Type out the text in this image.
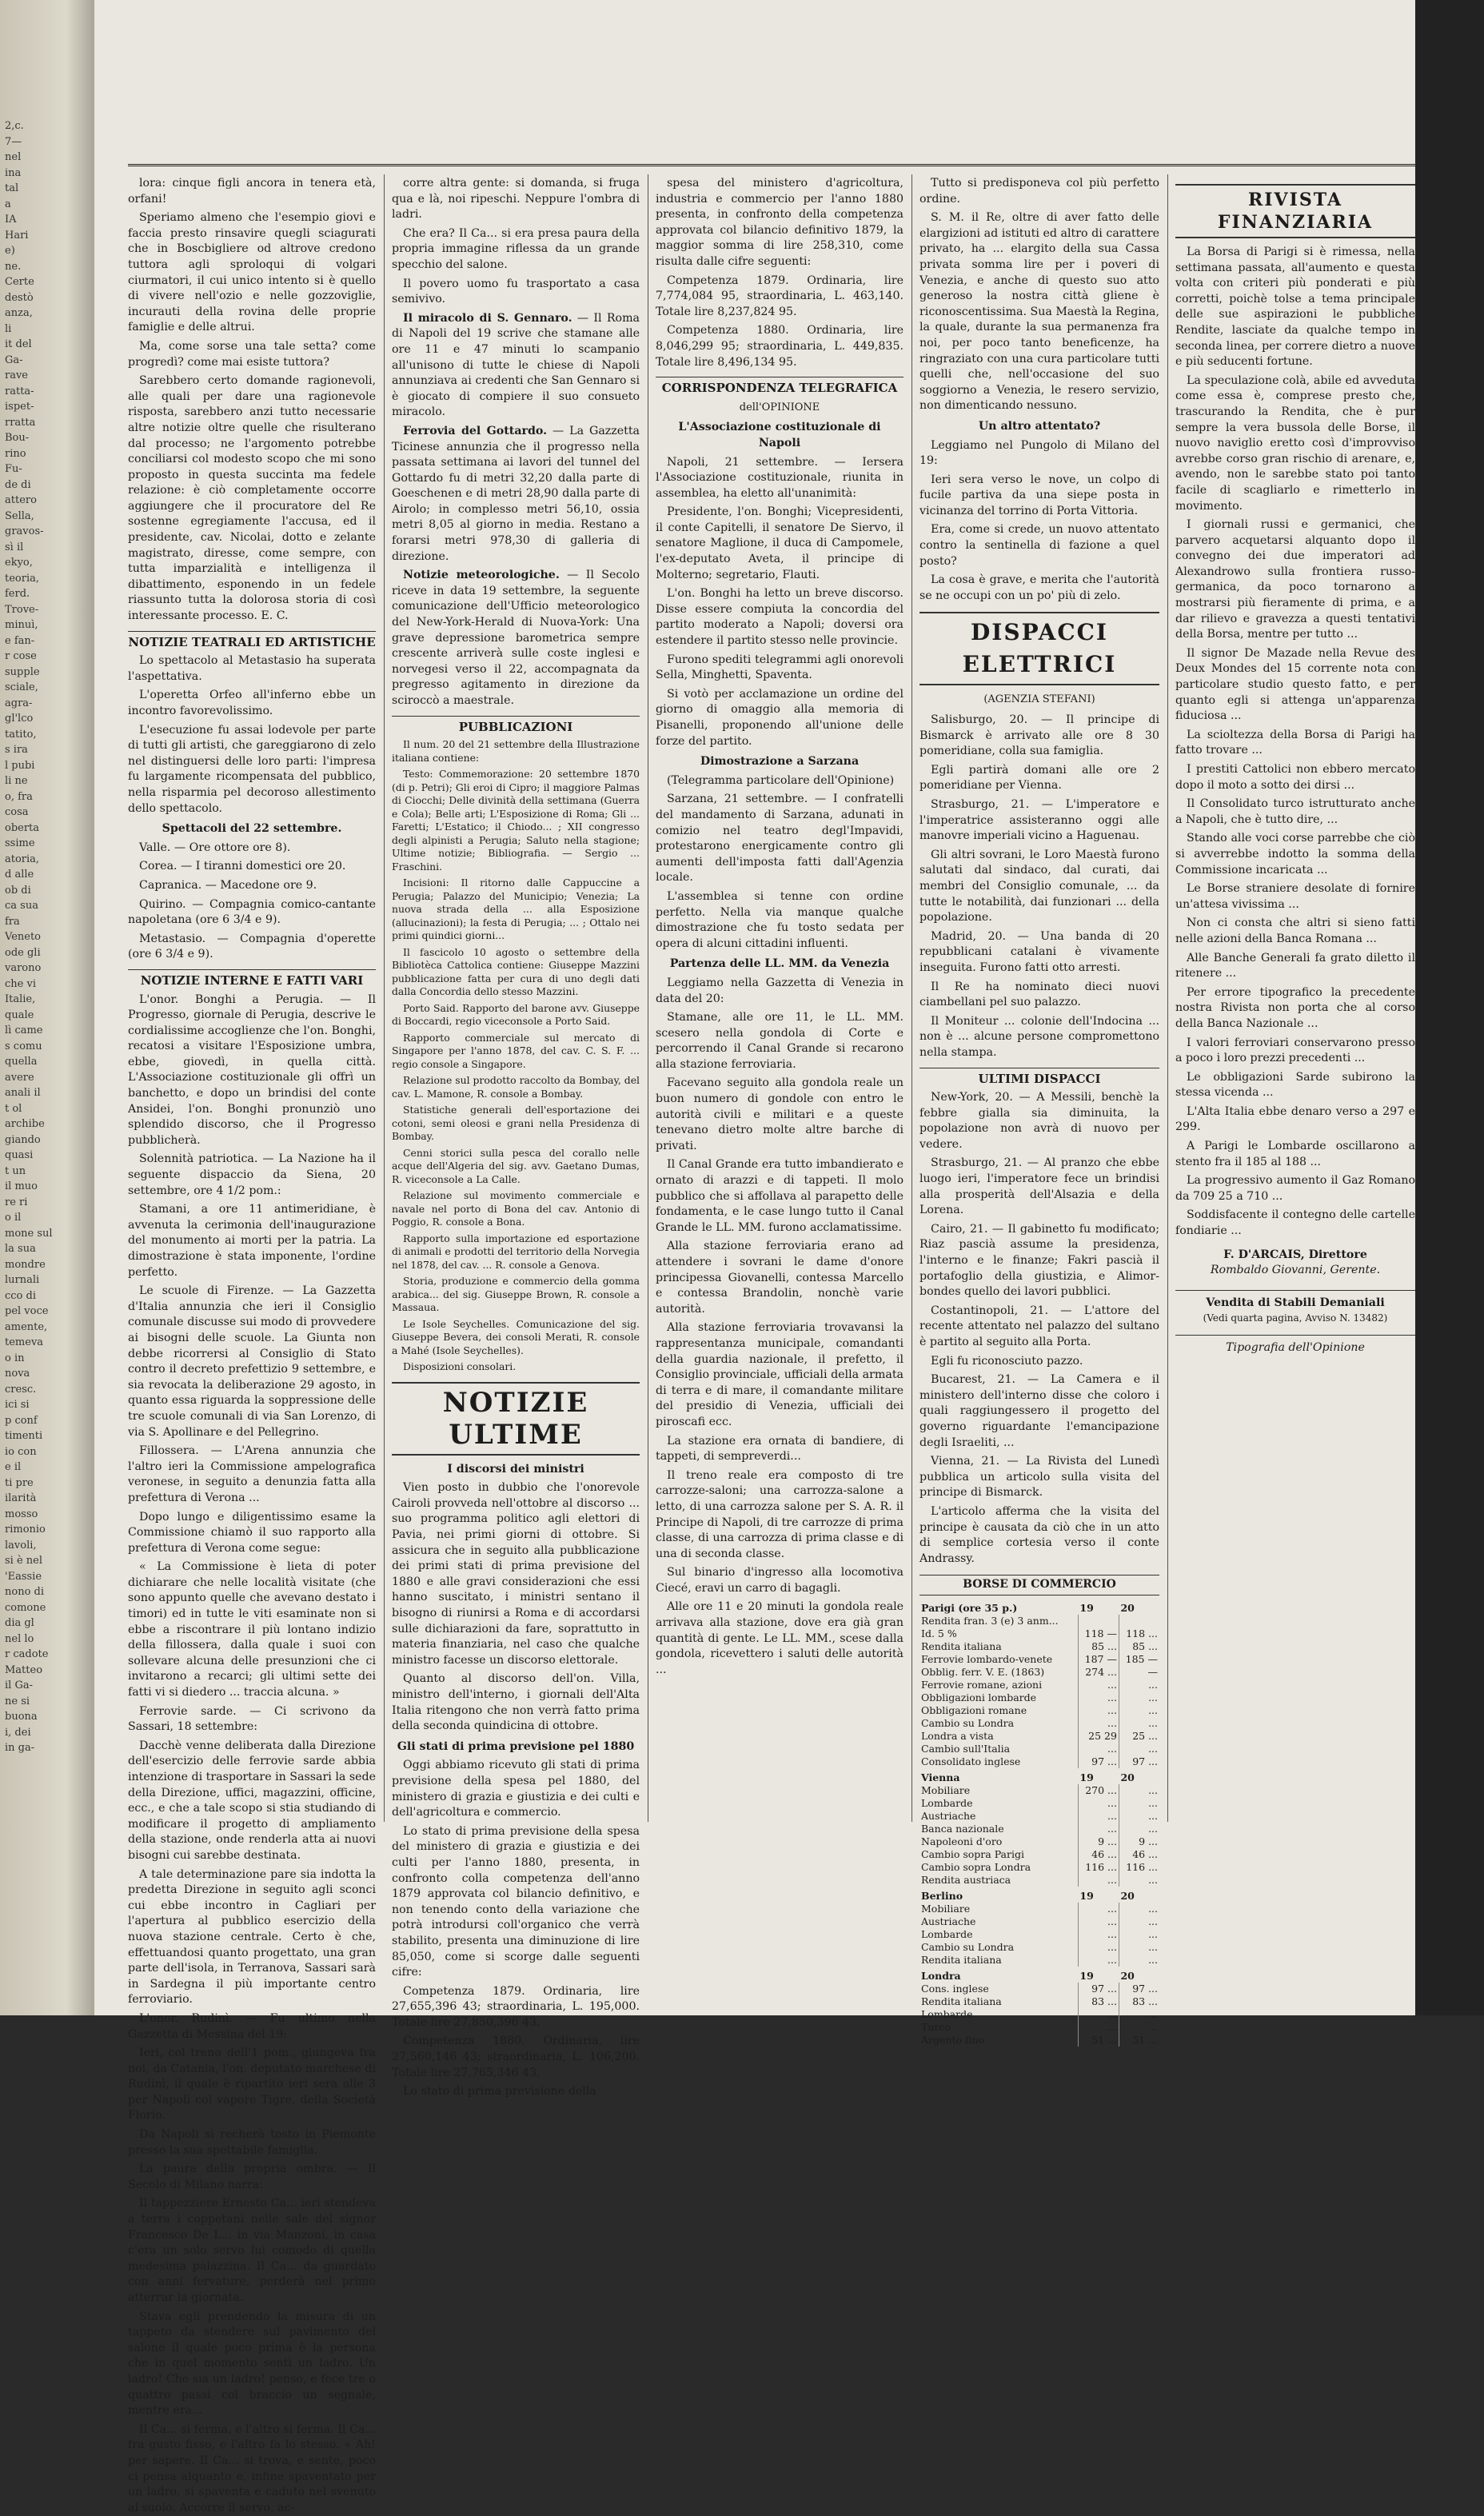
2,c.
7—
nel
ina
tal
a
IA
Hari
e)
ne.
Certe
destò
anza,
li
it del
Ga-
rave
ratta-
ispet-
rratta
Bou-
rino
Fu-
de di
attero
Sella,
gravos-
sì il
ekyo,
teoria,
ferd.
Trove-
minuì,
e fan-
r cose
supple
sciale,
agra-
gl'lco
tatito,
s ira
l pubi
li ne
o, fra
cosa
oberta
ssime
atoria,
d alle
ob di
ca sua
fra
Veneto
ode gli
varono
che vi
Italie,
quale
lì came
s comu
quella
avere
anali il
t ol
archibe
giando
quasi
t un
il muo
re ri
o il
mone sul
la sua
mondre
lurnali
cco di
pel voce
amente,
temeva
o in
nova
cresc.
ici si
p conf
timenti
io con
e il
ti pre
ilarità
mosso
rimonio
lavoli,
si è nel
'Eassie
nono di
comone
dia gl
nel lo
r cadote
Matteo
il Ga-
ne si
buona
i, dei
in ga-

lora: cinque figli ancora in tenera età, orfani!

Speriamo almeno che l'esempio giovi e faccia presto rinsavire quegli sciagurati che in Boscbigliere od altrove credono tuttora agli sproloqui di volgari ciurmatori, il cui unico intento si è quello di vivere nell'ozio e nelle gozzoviglie, incurauti della rovina delle proprie famiglie e delle altrui.

Ma, come sorse una tale setta? come progredì? come mai esiste tuttora?

Sarebbero certo domande ragionevoli, alle quali per dare una ragionevole risposta, sarebbero anzi tutto necessarie altre notizie oltre quelle che risulterano dal processo; ne l'argomento potrebbe conciliarsi col modesto scopo che mi sono proposto in questa succinta ma fedele relazione: è ciò completamente occorre aggiungere che il procuratore del Re sostenne egregiamente l'accusa, ed il presidente, cav. Nicolai, dotto e zelante magistrato, diresse, come sempre, con tutta imparzialità e intelligenza il dibattimento, esponendo in un fedele riassunto tutta la dolorosa storia di così interessante processo. E. C.

NOTIZIE TEATRALI ED ARTISTICHE

Lo spettacolo al Metastasio ha superata l'aspettativa.

L'operetta Orfeo all'inferno ebbe un incontro favorevolissimo.

L'esecuzione fu assai lodevole per parte di tutti gli artisti, che gareggiarono di zelo nel distinguersi delle loro parti: l'impresa fu largamente ricompensata del pubblico, nella risparmia pel decoroso allestimento dello spettacolo.

Spettacoli del 22 settembre.

Valle. — Ore ottore ore 8).

Corea. — I tiranni domestici ore 20.

Capranica. — Macedone ore 9.

Quirino. — Compagnia comico-cantante napoletana (ore 6 3/4 e 9).

Metastasio. — Compagnia d'operette (ore 6 3/4 e 9).

NOTIZIE INTERNE E FATTI VARI

L'onor. Bonghi a Perugia. — Il Progresso, giornale di Perugia, descrive le cordialissime accoglienze che l'on. Bonghi, recatosi a visitare l'Esposizione umbra, ebbe, giovedì, in quella città. L'Associazione costituzionale gli offrì un banchetto, e dopo un brindisi del conte Ansidei, l'on. Bonghi pronunziò uno splendido discorso, che il Progresso pubblicherà.

Solennità patriotica. — La Nazione ha il seguente dispaccio da Siena, 20 settembre, ore 4 1/2 pom.:

Stamani, a ore 11 antimeridiane, è avvenuta la cerimonia dell'inaugurazione del monumento ai morti per la patria. La dimostrazione è stata imponente, l'ordine perfetto.

Le scuole di Firenze. — La Gazzetta d'Italia annunzia che ieri il Consiglio comunale discusse sui modo di provvedere ai bisogni delle scuole. La Giunta non debbe ricorrersi al Consiglio di Stato contro il decreto prefettizio 9 settembre, e sia revocata la deliberazione 29 agosto, in quanto essa riguarda la soppressione delle tre scuole comunali di via San Lorenzo, di via S. Apollinare e del Pellegrino.

Fillossera. — L'Arena annunzia che l'altro ieri la Commissione ampelografica veronese, in seguito a denunzia fatta alla prefettura di Verona ...

Dopo lungo e diligentissimo esame la Commissione chiamò il suo rapporto alla prefettura di Verona come segue:

« La Commissione è lieta di poter dichiarare che nelle località visitate (che sono appunto quelle che avevano destato i timori) ed in tutte le viti esaminate non si ebbe a riscontrare il più lontano indizio della fillossera, dalla quale i suoi con sollevare alcuna delle presunzioni che ci invitarono a recarci; gli ultimi sette dei fatti vi si diedero ... traccia alcuna. »

Ferrovie sarde. — Ci scrivono da Sassari, 18 settembre:

Dacchè venne deliberata dalla Direzione dell'esercizio delle ferrovie sarde abbia intenzione di trasportare in Sassari la sede della Direzione, uffici, magazzini, officine, ecc., e che a tale scopo si stia studiando di modificare il progetto di ampliamento della stazione, onde renderla atta ai nuovi bisogni cui sarebbe destinata.

A tale determinazione pare sia indotta la predetta Direzione in seguito agli sconci cui ebbe incontro in Cagliari per l'apertura al pubblico esercizio della nuova stazione centrale. Certo è che, effettuandosi quanto progettato, una gran parte dell'isola, in Terranova, Sassari sarà in Sardegna il più importante centro ferroviario.

L'onor. Rudinì. — Fu ultimo nella Gazzetta di Messina del 19:

Ieri, col treno dell'1 pom., giungeva fra noi, da Catania, l'on. deputato marchese di Rudinì, il quale è ripartito ieri sera alle 3 per Napoli col vapore Tigre, della Società Florio.

Da Napoli si recherà tosto in Piemonte presso la sua spettabile famiglia.

La paura della propria ombra. — Il Secolo di Milano narra:

Il tappezziere Ernesto Ca... ieri stendeva a terra i coppetani nelle sale del signor Francesco De L... in via Manzoni, in casa c'era un solo servo lui comodo di quella medesima palazzina. Il Ca... da guardato con anni fervature, perderà nel primo atterrar la giornata.

Stava egli prendendo la misura di un tappeto da stendere sul pavimento del salone il quale poco prima è la persona che in quel momento sentì un ladro. Un ladro! Che sia un ladro! penso, e fece tre o quattro passi col braccio un segnale, mentre era...

Il Ca... si ferma, e l'altro si ferma. Il Ca... fra gusto fisso, e l'altro fa lo stesso. « Ah! per sapere. Il Ca... si trova, e sente, poco ci pensa alquanto e, infine spaventato per un ladro, si spaventa e caduto nel svenuto al suolo. Accorre il servo, ac-

corre altra gente: si domanda, si fruga qua e là, noi ripeschi. Neppure l'ombra di ladri.

Che era? Il Ca... si era presa paura della propria immagine riflessa da un grande specchio del salone.

Il povero uomo fu trasportato a casa semivivo.

Il miracolo di S. Gennaro. — Il Roma di Napoli del 19 scrive che stamane alle ore 11 e 47 minuti lo scampanio all'unisono di tutte le chiese di Napoli annunziava ai credenti che San Gennaro si è giocato di compiere il suo consueto miracolo.

Ferrovia del Gottardo. — La Gazzetta Ticinese annunzia che il progresso nella passata settimana ai lavori del tunnel del Gottardo fu di metri 32,20 dalla parte di Goeschenen e di metri 28,90 dalla parte di Airolo; in complesso metri 56,10, ossia metri 8,05 al giorno in media. Restano a forarsi metri 978,30 di galleria di direzione.

Notizie meteorologiche. — Il Secolo riceve in data 19 settembre, la seguente comunicazione dell'Ufficio meteorologico del New-York-Herald di Nuova-York: Una grave depressione barometrica sempre crescente arriverà sulle coste inglesi e norvegesi verso il 22, accompagnata da pregresso agitamento in direzione da sciroccò a maestrale.

PUBBLICAZIONI

Il num. 20 del 21 settembre della Illustrazione italiana contiene:

Testo: Commemorazione: 20 settembre 1870 (di p. Petri); Gli eroi di Cipro; il maggiore Palmas di Ciocchi; Delle divinità della settimana (Guerra e Cola); Belle arti; L'Esposizione di Roma; Gli ... Faretti; L'Estatico; il Chiodo... ; XII congresso degli alpinisti a Perugia; Saluto nella stagione; Ultime notizie; Bibliografia. — Sergio ... Fraschini.

Incisioni: Il ritorno dalle Cappuccine a Perugia; Palazzo del Municipio; Venezia; La nuova strada della ... alla Esposizione (allucinazioni); la festa di Perugia; ... ; Ottalo nei primi quindici giorni...

Il fascicolo 10 agosto o settembre della Bibliotèca Cattolica contiene: Giuseppe Mazzini pubblicazione fatta per cura di uno degli dati dalla Concordia dello stesso Mazzini.

Porto Said. Rapporto del barone avv. Giuseppe di Boccardi, regio viceconsole a Porto Said.

Rapporto commerciale sul mercato di Singapore per l'anno 1878, del cav. C. S. F. ... regio console a Singapore.

Relazione sul prodotto raccolto da Bombay, del cav. L. Mamone, R. console a Bombay.

Statistiche generali dell'esportazione dei cotoni, semi oleosi e grani nella Presidenza di Bombay.

Cenni storici sulla pesca del corallo nelle acque dell'Algeria del sig. avv. Gaetano Dumas, R. viceconsole a La Calle.

Relazione sul movimento commerciale e navale nel porto di Bona del cav. Antonio di Poggio, R. console a Bona.

Rapporto sulla importazione ed esportazione di animali e prodotti del territorio della Norvegia nel 1878, del cav. ... R. console a Genova.

Storia, produzione e commercio della gomma arabica... del sig. Giuseppe Brown, R. console a Massaua.

Le Isole Seychelles. Comunicazione del sig. Giuseppe Bevera, dei consoli Merati, R. console a Mahé (Isole Seychelles).

Disposizioni consolari.

NOTIZIE ULTIME
I discorsi dei ministri

Vien posto in dubbio che l'onorevole Cairoli provveda nell'ottobre al discorso ... suo programma politico agli elettori di Pavia, nei primi giorni di ottobre. Si assicura che in seguito alla pubblicazione dei primi stati di prima previsione del 1880 e alle gravi considerazioni che essi hanno suscitato, i ministri sentano il bisogno di riunirsi a Roma e di accordarsi sulle dichiarazioni da fare, soprattutto in materia finanziaria, nel caso che qualche ministro facesse un discorso elettorale.

Quanto al discorso dell'on. Villa, ministro dell'interno, i giornali dell'Alta Italia ritengono che non verrà fatto prima della seconda quindicina di ottobre.

Gli stati di prima previsione pel 1880

Oggi abbiamo ricevuto gli stati di prima previsione della spesa pel 1880, del ministero di grazia e giustizia e dei culti e dell'agricoltura e commercio.

Lo stato di prima previsione della spesa del ministero di grazia e giustizia e dei culti per l'anno 1880, presenta, in confronto colla competenza dell'anno 1879 approvata col bilancio definitivo, e non tenendo conto della variazione che potrà introdursi coll'organico che verrà stabilito, presenta una diminuzione di lire 85,050, come si scorge dalle seguenti cifre:

Competenza 1879. Ordinaria, lire 27,655,396 43; straordinaria, L. 195,000. Totale lire 27,850,396 43.

Competenza 1880. Ordinaria, lire 27,560,146 43; straordinaria, L. 106,200. Totale lire 27,765,346 43.

Lo stato di prima previsione della

spesa del ministero d'agricoltura, industria e commercio per l'anno 1880 presenta, in confronto della competenza approvata col bilancio definitivo 1879, la maggior somma di lire 258,310, come risulta dalle cifre seguenti:

Competenza 1879. Ordinaria, lire 7,774,084 95, straordinaria, L. 463,140. Totale lire 8,237,824 95.

Competenza 1880. Ordinaria, lire 8,046,299 95; straordinaria, L. 449,835. Totale lire 8,496,134 95.

CORRISPONDENZA TELEGRAFICA
dell'OPINIONE
L'Associazione costituzionale di Napoli

Napoli, 21 settembre. — Iersera l'Associazione costituzionale, riunita in assemblea, ha eletto all'unanimità:

Presidente, l'on. Bonghi; Vicepresidenti, il conte Capitelli, il senatore De Siervo, il senatore Maglione, il duca di Campomele, l'ex-deputato Aveta, il principe di Molterno; segretario, Flauti.

L'on. Bonghi ha letto un breve discorso. Disse essere compiuta la concordia del partito moderato a Napoli; doversi ora estendere il partito stesso nelle provincie.

Furono spediti telegrammi agli onorevoli Sella, Minghetti, Spaventa.

Si votò per acclamazione un ordine del giorno di omaggio alla memoria di Pisanelli, proponendo all'unione delle forze del partito.

Dimostrazione a Sarzana

(Telegramma particolare dell'Opinione)

Sarzana, 21 settembre. — I confratelli del mandamento di Sarzana, adunati in comizio nel teatro degl'Impavidi, protestarono energicamente contro gli aumenti dell'imposta fatti dall'Agenzia locale.

L'assemblea si tenne con ordine perfetto. Nella via manque qualche dimostrazione che fu tosto sedata per opera di alcuni cittadini influenti.

Partenza delle LL. MM. da Venezia

Leggiamo nella Gazzetta di Venezia in data del 20:

Stamane, alle ore 11, le LL. MM. scesero nella gondola di Corte e percorrendo il Canal Grande si recarono alla stazione ferroviaria.

Facevano seguito alla gondola reale un buon numero di gondole con entro le autorità civili e militari e a queste tenevano dietro molte altre barche di privati.

Il Canal Grande era tutto imbandierato e ornato di arazzi e di tappeti. Il molo pubblico che si affollava al parapetto delle fondamenta, e le case lungo tutto il Canal Grande le LL. MM. furono acclamatissime.

Alla stazione ferroviaria erano ad attendere i sovrani le dame d'onore principessa Giovanelli, contessa Marcello e contessa Brandolin, nonchè varie autorità.

Alla stazione ferroviaria trovavansi la rappresentanza municipale, comandanti della guardia nazionale, il prefetto, il Consiglio provinciale, ufficiali della armata di terra e di mare, il comandante militare del presidio di Venezia, ufficiali dei piroscafi ecc.

La stazione era ornata di bandiere, di tappeti, di sempreverdi...

Il treno reale era composto di tre carrozze-saloni; una carrozza-salone a letto, di una carrozza salone per S. A. R. il Principe di Napoli, di tre carrozze di prima classe, di una carrozza di prima classe e di una di seconda classe.

Sul binario d'ingresso alla locomotiva Ciecé, eravi un carro di bagagli.

Alle ore 11 e 20 minuti la gondola reale arrivava alla stazione, dove era già gran quantità di gente. Le LL. MM., scese dalla gondola, ricevettero i saluti delle autorità ...

Tutto si predisponeva col più perfetto ordine.

S. M. il Re, oltre di aver fatto delle elargizioni ad istituti ed altro di carattere privato, ha ... elargito della sua Cassa privata somma lire per i poveri di Venezia, e anche di questo suo atto generoso la nostra città gliene è riconoscentissima. Sua Maestà la Regina, la quale, durante la sua permanenza fra noi, per poco tanto beneficenze, ha ringraziato con una cura particolare tutti quelli che, nell'occasione del suo soggiorno a Venezia, le resero servizio, non dimenticando nessuno.

Un altro attentato?

Leggiamo nel Pungolo di Milano del 19:

Ieri sera verso le nove, un colpo di fucile partiva da una siepe posta in vicinanza del torrino di Porta Vittoria.

Era, come si crede, un nuovo attentato contro la sentinella di fazione a quel posto?

La cosa è grave, e merita che l'autorità se ne occupi con un po' più di zelo.

DISPACCI ELETTRICI
(AGENZIA STEFANI)

Salisburgo, 20. — Il principe di Bismarck è arrivato alle ore 8 30 pomeridiane, colla sua famiglia.

Egli partirà domani alle ore 2 pomeridiane per Vienna.

Strasburgo, 21. — L'imperatore e l'imperatrice assisteranno oggi alle manovre imperiali vicino a Haguenau.

Gli altri sovrani, le Loro Maestà furono salutati dal sindaco, dal curati, dai membri del Consiglio comunale, ... da tutte le notabilità, dai funzionari ... della popolazione.

Madrid, 20. — Una banda di 20 repubblicani catalani è vivamente inseguita. Furono fatti otto arresti.

Il Re ha nominato dieci nuovi ciambellani pel suo palazzo.

Il Moniteur ... colonie dell'Indocina ... non è ... alcune persone compromettono nella stampa.

ULTIMI DISPACCI

New-York, 20. — A Messili, benchè la febbre gialla sia diminuita, la popolazione non avrà di nuovo per vedere.

Strasburgo, 21. — Al pranzo che ebbe luogo ieri, l'imperatore fece un brindisi alla prosperità dell'Alsazia e della Lorena.

Cairo, 21. — Il gabinetto fu modificato; Riaz pascià assume la presidenza, l'interno e le finanze; Fakri pascià il portafoglio della giustizia, e Alimor-bondes quello dei lavori pubblici.

Costantinopoli, 21. — L'attore del recente attentato nel palazzo del sultano è partito al seguito alla Porta.

Egli fu riconosciuto pazzo.

Bucarest, 21. — La Camera e il ministero dell'interno disse che coloro i quali raggiungessero il progetto del governo riguardante l'emancipazione degli Israeliti, ...

Vienna, 21. — La Rivista del Lunedì pubblica un articolo sulla visita del principe di Bismarck.

L'articolo afferma che la visita del principe è causata da ciò che in un atto di semplice cortesia verso il conte Andrassy.

BORSE DI COMMERCIO
Parigi (ore 35 p.)	19	20
Rendita fran. 3 (e) 3 anm...		
Id. 5 %	118 —	118 ...
Rendita italiana	85 ...	85 ...
Ferrovie lombardo-venete	187 —	185 —
Obblig. ferr. V. E. (1863)	274 ...	—
Ferrovie romane, azioni	...	...
Obbligazioni lombarde	...	...
Obbligazioni romane	...	...
Cambio su Londra	...	...
Londra a vista	25 29	25 ...
Cambio sull'Italia	...	...
Consolidato inglese	97 ...	97 ...
Vienna	19	20
Mobiliare	270 ...	...
Lombarde	...	...
Austriache	...	...
Banca nazionale	...	...
Napoleoni d'oro	9 ...	9 ...
Cambio sopra Parigi	46 ...	46 ...
Cambio sopra Londra	116 ...	116 ...
Rendita austriaca	...	...
Berlino	19	20
Mobiliare	...	...
Austriache	...	...
Lombarde	...	...
Cambio su Londra	...	...
Rendita italiana	...	...
Londra	19	20
Cons. inglese	97 ...	97 ...
Rendita italiana	83 ...	83 ...
Lombarde	...	...
Turco	...	...
Argento fino	51 ...	51 ...
RIVISTA FINANZIARIA

La Borsa di Parigi si è rimessa, nella settimana passata, all'aumento e questa volta con criteri più ponderati e più corretti, poichè tolse a tema principale delle sue aspirazioni le pubbliche Rendite, lasciate da qualche tempo in seconda linea, per correre dietro a nuove e più seducenti fortune.

La speculazione colà, abile ed avveduta come essa è, comprese presto che, trascurando la Rendita, che è pur sempre la vera bussola delle Borse, il nuovo naviglio eretto così d'improvviso avrebbe corso gran rischio di arenare, e, avendo, non le sarebbe stato poi tanto facile di scagliarlo e rimetterlo in movimento.

I giornali russi e germanici, che parvero acquetarsi alquanto dopo il convegno dei due imperatori ad Alexandrowo sulla frontiera russo-germanica, da poco tornarono a mostrarsi più fieramente di prima, e a dar rilievo e gravezza a questi tentativi della Borsa, mentre per tutto ...

Il signor De Mazade nella Revue des Deux Mondes del 15 corrente nota con particolare studio questo fatto, e per quanto egli si attenga un'apparenza fiduciosa ...

La scioltezza della Borsa di Parigi ha fatto trovare ...

I prestiti Cattolici non ebbero mercato dopo il moto a sotto dei dirsi ...

Il Consolidato turco istrutturato anche a Napoli, che è tutto dire, ...

Stando alle voci corse parrebbe che ciò si avverrebbe indotto la somma della Commissione incaricata ...

Le Borse straniere desolate di fornire un'attesa vivissima ...

Non ci consta che altri si sieno fatti nelle azioni della Banca Romana ...

Alle Banche Generali fa grato diletto il ritenere ...

Per errore tipografico la precedente nostra Rivista non porta che al corso della Banca Nazionale ...

I valori ferroviari conservarono presso a poco i loro prezzi precedenti ...

Le obbligazioni Sarde subirono la stessa vicenda ...

L'Alta Italia ebbe denaro verso a 297 e 299.

A Parigi le Lombarde oscillarono a stento fra il 185 al 188 ...

La progressivo aumento il Gaz Romano da 709 25 a 710 ...

Soddisfacente il contegno delle cartelle fondiarie ...

F. D'ARCAIS, Direttore
Rombaldo Giovanni, Gerente.
Vendita di Stabili Demaniali
(Vedi quarta pagina, Avviso N. 13482)
Tipografia dell'Opinione
